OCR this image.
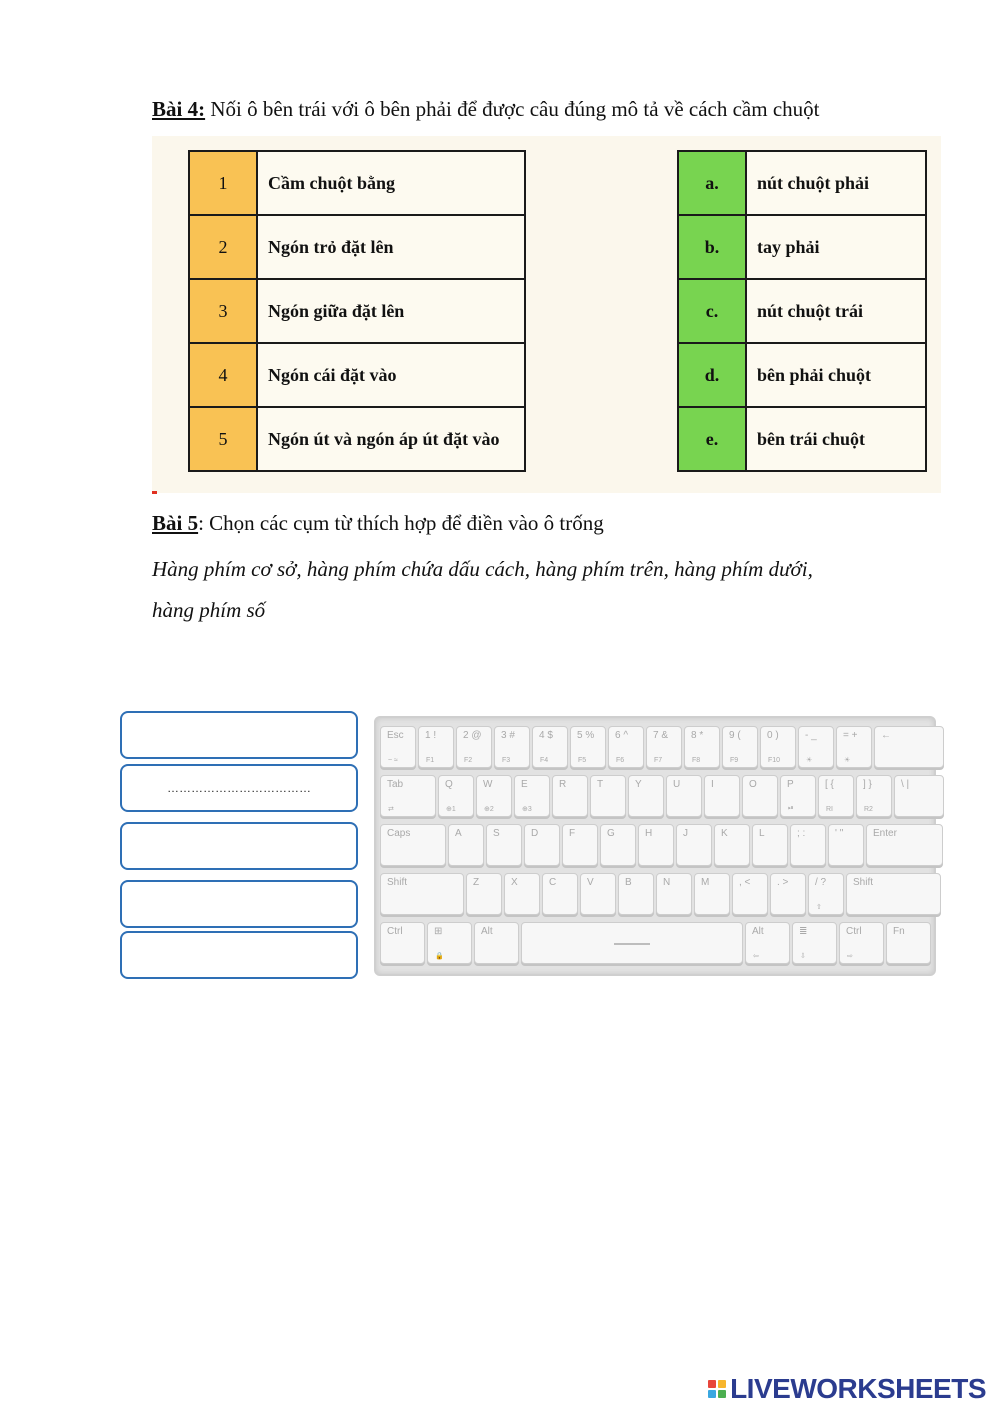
Bài 4: Nối ô bên trái với ô bên phải để được câu đúng mô tả về cách cầm chuột
1	Cầm chuột bằng
2	Ngón trỏ đặt lên
3	Ngón giữa đặt lên
4	Ngón cái đặt vào
5	Ngón út và ngón áp út đặt vào
a.	nút chuột phải
b.	tay phải
c.	nút chuột trái
d.	bên phải chuột
e.	bên trái chuột
Bài 5: Chọn các cụm từ thích hợp để điền vào ô trống
Hàng phím cơ sở, hàng phím chứa dấu cách, hàng phím trên, hàng phím dưới,
hàng phím số
………………………………
Esc
~ ≈
1 !
F1
2 @
F2
3 #
F3
4 $
F4
5 %
F5
6 ^
F6
7 &
F7
8 *
F8
9 (
F9
0 )
F10
- _
☀
= +
☀
←
Tab
⇄
Q
⊕1
W
⊕2
E
⊕3
R	T	Y	U	I	O	P
⏯
[ {
RI
] }
R2
\ |
Caps	A	S	D	F	G	H	J	K	L	; :	' "	Enter
Shift	Z	X	C	V	B	N	M	, <	. >	/ ?
⇧
Shift
Ctrl	⊞
🔒
Alt	Alt
⇦
≣
⇩
Ctrl
⇨
Fn
LIVEWORKSHEETS
